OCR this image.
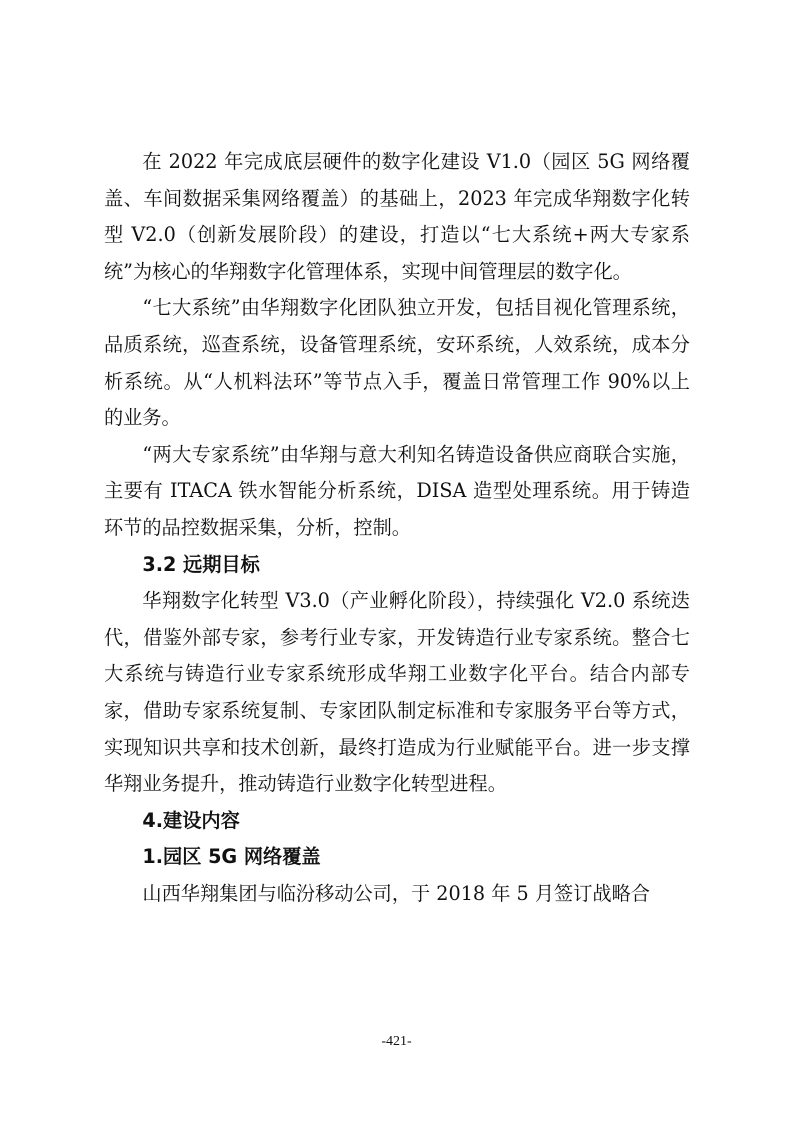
在 2022 年完成底层硬件的数字化建设 V1.0（园区 5G 网络覆盖、车间数据采集网络覆盖）的基础上，2023 年完成华翔数字化转型 V2.0（创新发展阶段）的建设，打造以“七大系统+两大专家系统”为核心的华翔数字化管理体系，实现中间管理层的数字化。

“七大系统”由华翔数字化团队独立开发，包括目视化管理系统，品质系统，巡查系统，设备管理系统，安环系统，人效系统，成本分析系统。从“人机料法环”等节点入手，覆盖日常管理工作 90%以上的业务。

“两大专家系统”由华翔与意大利知名铸造设备供应商联合实施，主要有 ITACA 铁水智能分析系统，DISA 造型处理系统。用于铸造环节的品控数据采集，分析，控制。

3.2 远期目标

华翔数字化转型 V3.0（产业孵化阶段），持续强化 V2.0 系统迭代，借鉴外部专家，参考行业专家，开发铸造行业专家系统。整合七大系统与铸造行业专家系统形成华翔工业数字化平台。结合内部专家，借助专家系统复制、专家团队制定标准和专家服务平台等方式，实现知识共享和技术创新，最终打造成为行业赋能平台。进一步支撑华翔业务提升，推动铸造行业数字化转型进程。

4.建设内容

1.园区 5G 网络覆盖

山西华翔集团与临汾移动公司，于 2018 年 5 月签订战略合

-421-
